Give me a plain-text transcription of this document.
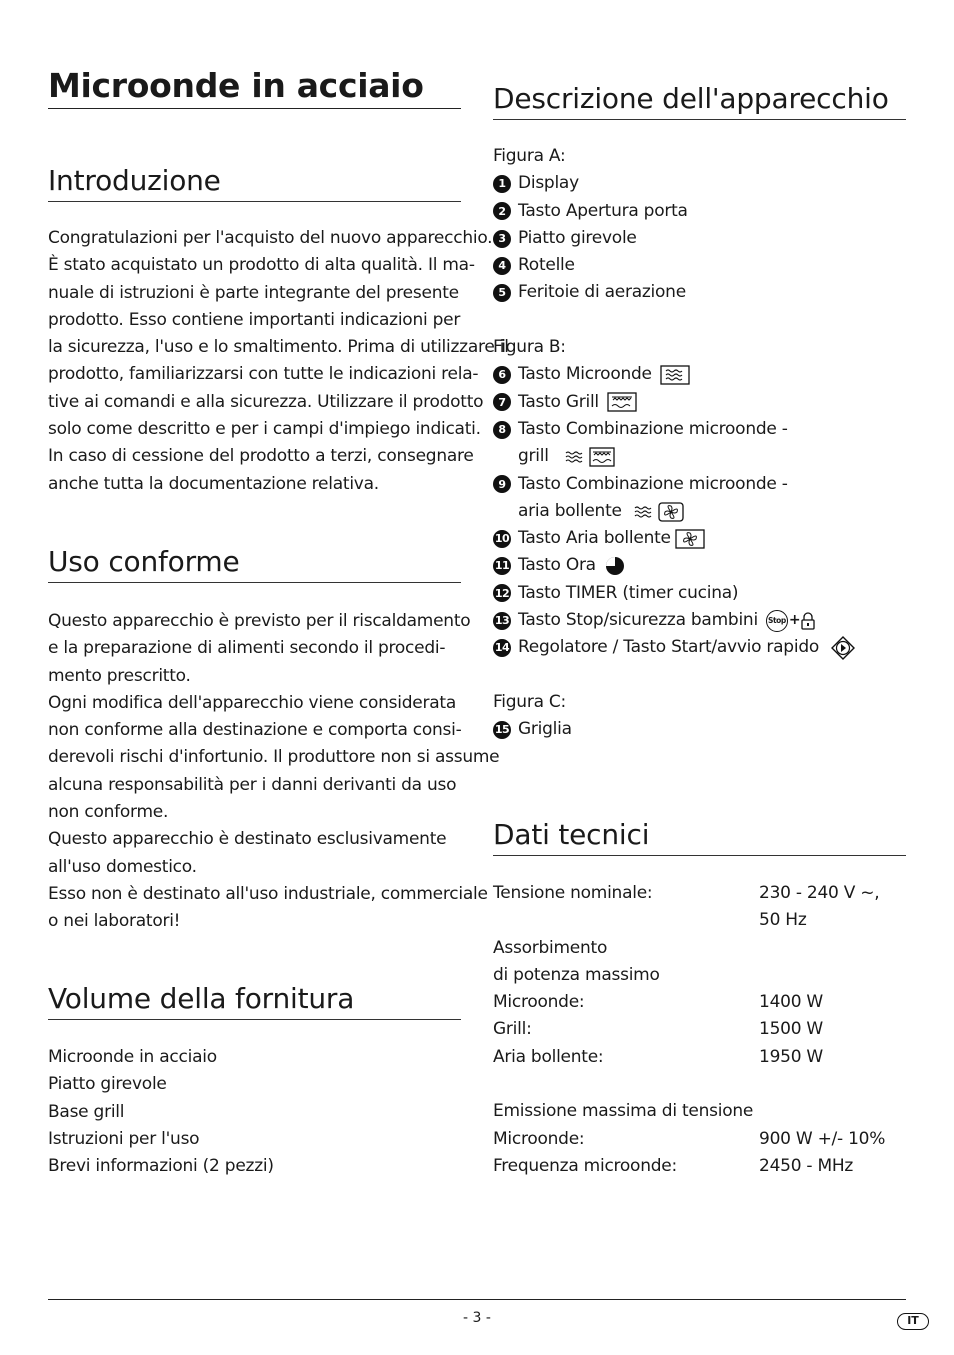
Microonde in acciaio
Introduzione
Congratulazioni per l'acquisto del nuovo apparecchio.
È stato acquistato un prodotto di alta qualità. Il ma-
nuale di istruzioni è parte integrante del presente
prodotto. Esso contiene importanti indicazioni per
la sicurezza, l'uso e lo smaltimento. Prima di utilizzare il
prodotto, familiarizzarsi con tutte le indicazioni rela-
tive ai comandi e alla sicurezza. Utilizzare il prodotto
solo come descritto e per i campi d'impiego indicati.
In caso di cessione del prodotto a terzi, consegnare
anche tutta la documentazione relativa.
Uso conforme
Questo apparecchio è previsto per il riscaldamento
e la preparazione di alimenti secondo il procedi-
mento prescritto.
Ogni modifica dell'apparecchio viene considerata
non conforme alla destinazione e comporta consi-
derevoli rischi d'infortunio. Il produttore non si assume
alcuna responsabilità per i danni derivanti da uso
non conforme.
Questo apparecchio è destinato esclusivamente
all'uso domestico.
Esso non è destinato all'uso industriale, commerciale
o nei laboratori!
Volume della fornitura
Microonde in acciaio
Piatto girevole
Base grill
Istruzioni per l'uso
Brevi informazioni (2 pezzi)
Descrizione dell'apparecchio
Figura A:
1 Display
2 Tasto Apertura porta
3 Piatto girevole
4 Rotelle
5 Feritoie di aerazione
Figura B:
6 Tasto Microonde
7 Tasto Grill
8 Tasto Combinazione microonde -
grill
9 Tasto Combinazione microonde -
aria bollente
10 Tasto Aria bollente
11 Tasto Ora
12 Tasto TIMER (timer cucina)
13 Tasto Stop/sicurezza bambini Stop +
14 Regolatore / Tasto Start/avvio rapido
Figura C:
15 Griglia
Dati tecnici
Tensione nominale:	230 - 240 V ~,
	50 Hz
Assorbimento	
di potenza massimo	
Microonde:	1400 W
Grill:	1500 W
Aria bollente:	1950 W

Emissione massima di tensione	
Microonde:	900 W +/- 10%
Frequenza microonde:	2450 - MHz
- 3 -	IT
